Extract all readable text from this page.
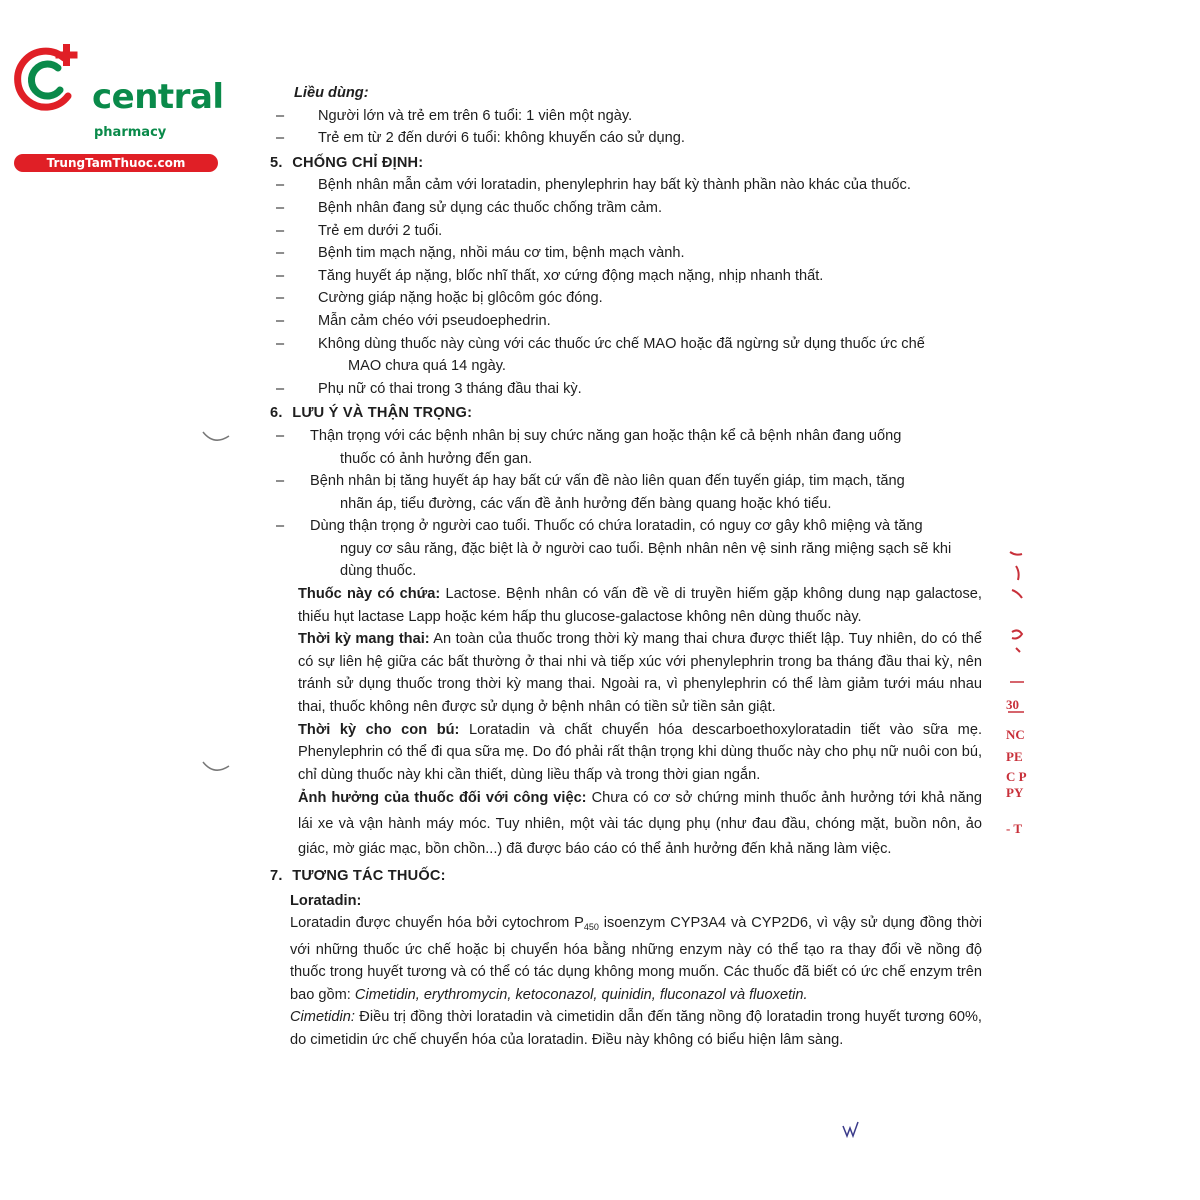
central
pharmacy
TrungTamThuoc.com
Liều dùng:
–	Người lớn và trẻ em trên 6 tuổi: 1 viên một ngày.
–	Trẻ em từ 2 đến dưới 6 tuổi: không khuyến cáo sử dụng.
5. CHỐNG CHỈ ĐỊNH:
–	Bệnh nhân mẫn cảm với loratadin, phenylephrin hay bất kỳ thành phần nào khác của thuốc.
–	Bệnh nhân đang sử dụng các thuốc chống trầm cảm.
–	Trẻ em dưới 2 tuổi.
–	Bệnh tim mạch nặng, nhồi máu cơ tim, bệnh mạch vành.
–	Tăng huyết áp nặng, blốc nhĩ thất, xơ cứng động mạch nặng, nhịp nhanh thất.
–	Cường giáp nặng hoặc bị glôcôm góc đóng.
–	Mẫn cảm chéo với pseudoephedrin.
–	Không dùng thuốc này cùng với các thuốc ức chế MAO hoặc đã ngừng sử dụng thuốc ức chế
MAO chưa quá 14 ngày.
–	Phụ nữ có thai trong 3 tháng đầu thai kỳ.
6. LƯU Ý VÀ THẬN TRỌNG:
–	Thận trọng với các bệnh nhân bị suy chức năng gan hoặc thận kể cả bệnh nhân đang uống
thuốc có ảnh hưởng đến gan.
–	Bệnh nhân bị tăng huyết áp hay bất cứ vấn đề nào liên quan đến tuyến giáp, tim mạch, tăng
nhãn áp, tiểu đường, các vấn đề ảnh hưởng đến bàng quang hoặc khó tiểu.
–	Dùng thận trọng ở người cao tuổi. Thuốc có chứa loratadin, có nguy cơ gây khô miệng và tăng
nguy cơ sâu răng, đặc biệt là ở người cao tuổi. Bệnh nhân nên vệ sinh răng miệng sạch sẽ khi
dùng thuốc.
Thuốc này có chứa: Lactose. Bệnh nhân có vấn đề về di truyền hiếm gặp không dung nạp galactose, thiếu hụt lactase Lapp hoặc kém hấp thu glucose-galactose không nên dùng thuốc này.
Thời kỳ mang thai: An toàn của thuốc trong thời kỳ mang thai chưa được thiết lập. Tuy nhiên, do có thể có sự liên hệ giữa các bất thường ở thai nhi và tiếp xúc với phenylephrin trong ba tháng đầu thai kỳ, nên tránh sử dụng thuốc trong thời kỳ mang thai. Ngoài ra, vì phenylephrin có thể làm giảm tưới máu nhau thai, thuốc không nên được sử dụng ở bệnh nhân có tiền sử tiền sản giật.
Thời kỳ cho con bú: Loratadin và chất chuyển hóa descarboethoxyloratadin tiết vào sữa mẹ. Phenylephrin có thể đi qua sữa mẹ. Do đó phải rất thận trọng khi dùng thuốc này cho phụ nữ nuôi con bú, chỉ dùng thuốc này khi cần thiết, dùng liều thấp và trong thời gian ngắn.
Ảnh hưởng của thuốc đối với công việc: Chưa có cơ sở chứng minh thuốc ảnh hưởng tới khả năng lái xe và vận hành máy móc. Tuy nhiên, một vài tác dụng phụ (như đau đầu, chóng mặt, buồn nôn, ảo giác, mờ giác mạc, bồn chồn...) đã được báo cáo có thể ảnh hưởng đến khả năng làm việc.
7. TƯƠNG TÁC THUỐC:
Loratadin:
Loratadin được chuyển hóa bởi cytochrom $P_{450}$ isoenzym CYP3A4 và CYP2D6, vì vậy sử dụng đồng thời với những thuốc ức chế hoặc bị chuyển hóa bằng những enzym này có thể tạo ra thay đổi về nồng độ thuốc trong huyết tương và có thể có tác dụng không mong muốn. Các thuốc đã biết có ức chế enzym trên bao gồm: Cimetidin, erythromycin, ketoconazol, quinidin, fluconazol và fluoxetin.
Cimetidin: Điều trị đồng thời loratadin và cimetidin dẫn đến tăng nồng độ loratadin trong huyết tương 60%, do cimetidin ức chế chuyển hóa của loratadin. Điều này không có biểu hiện lâm sàng.
30
NC
PE
C P
PY
- T
